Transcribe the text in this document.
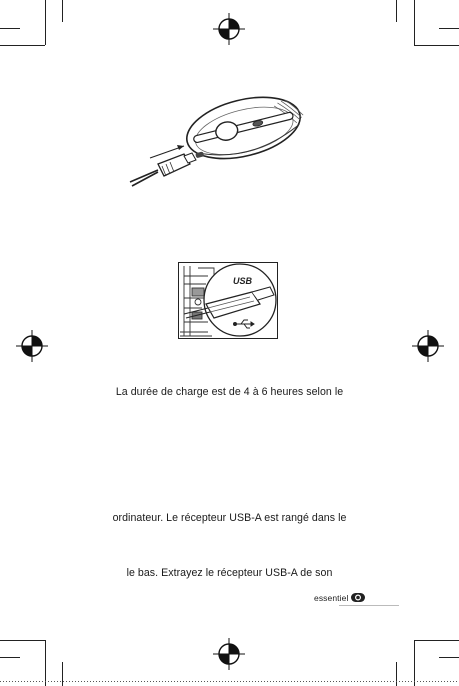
USB
La durée de charge est de 4 à 6 heures selon le
ordinateur. Le récepteur USB-A est rangé dans le
le bas. Extrayez le récepteur USB-A de son
essentiel
